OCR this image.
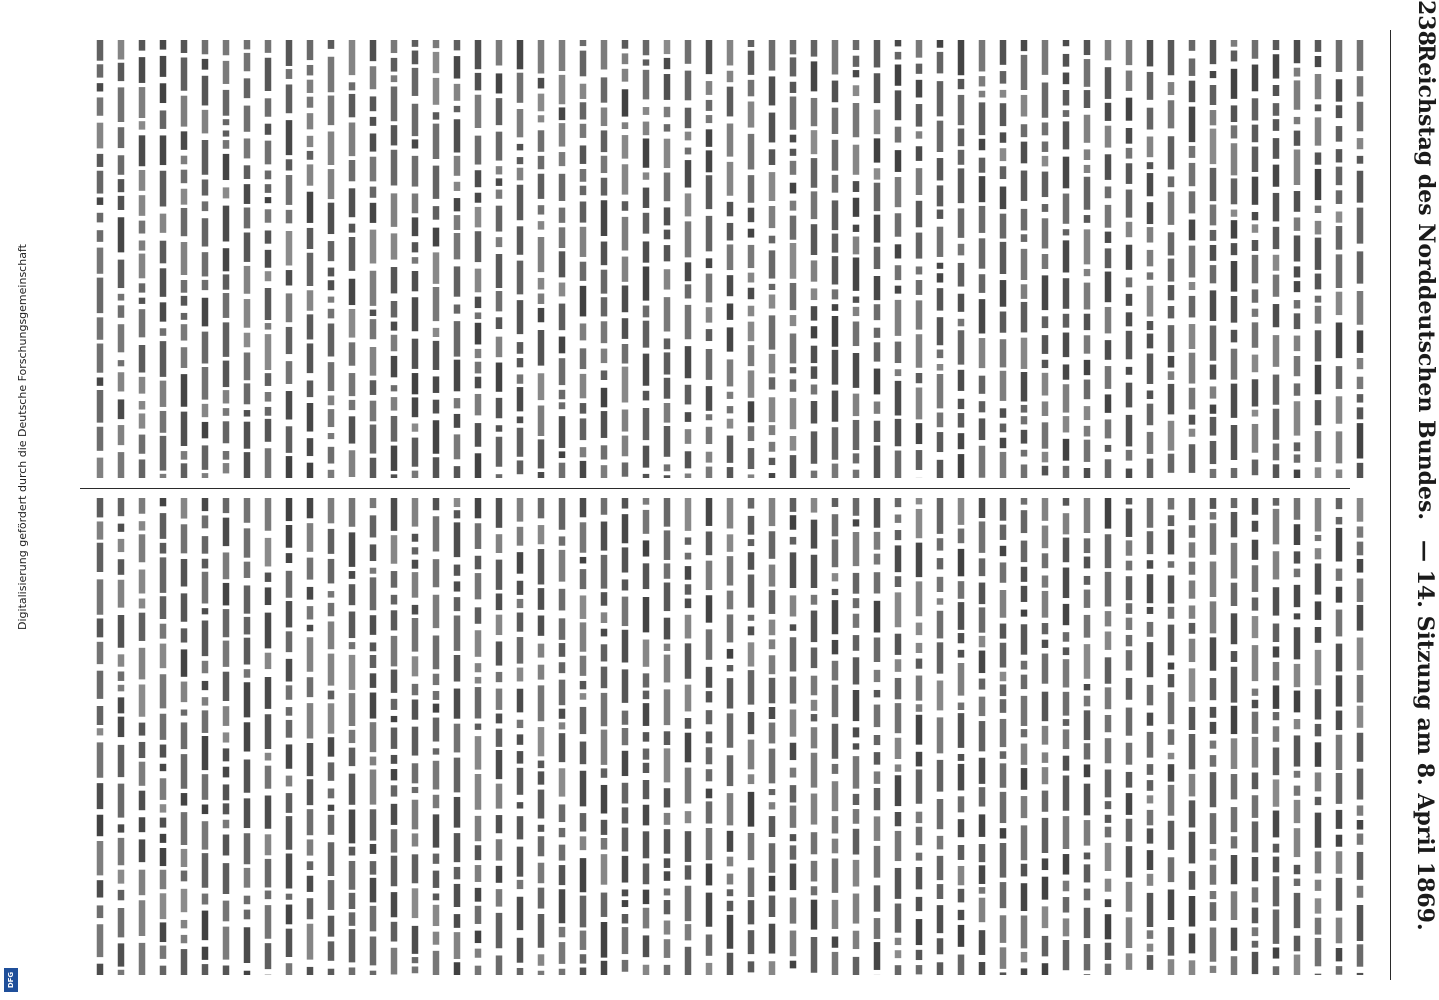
238
Reichstag des Norddeutschen Bundes.
— 14. Sitzung am 8. April 1869.
Digitalisierung gefördert durch die Deutsche Forschungsgemeinschaft
DFG
